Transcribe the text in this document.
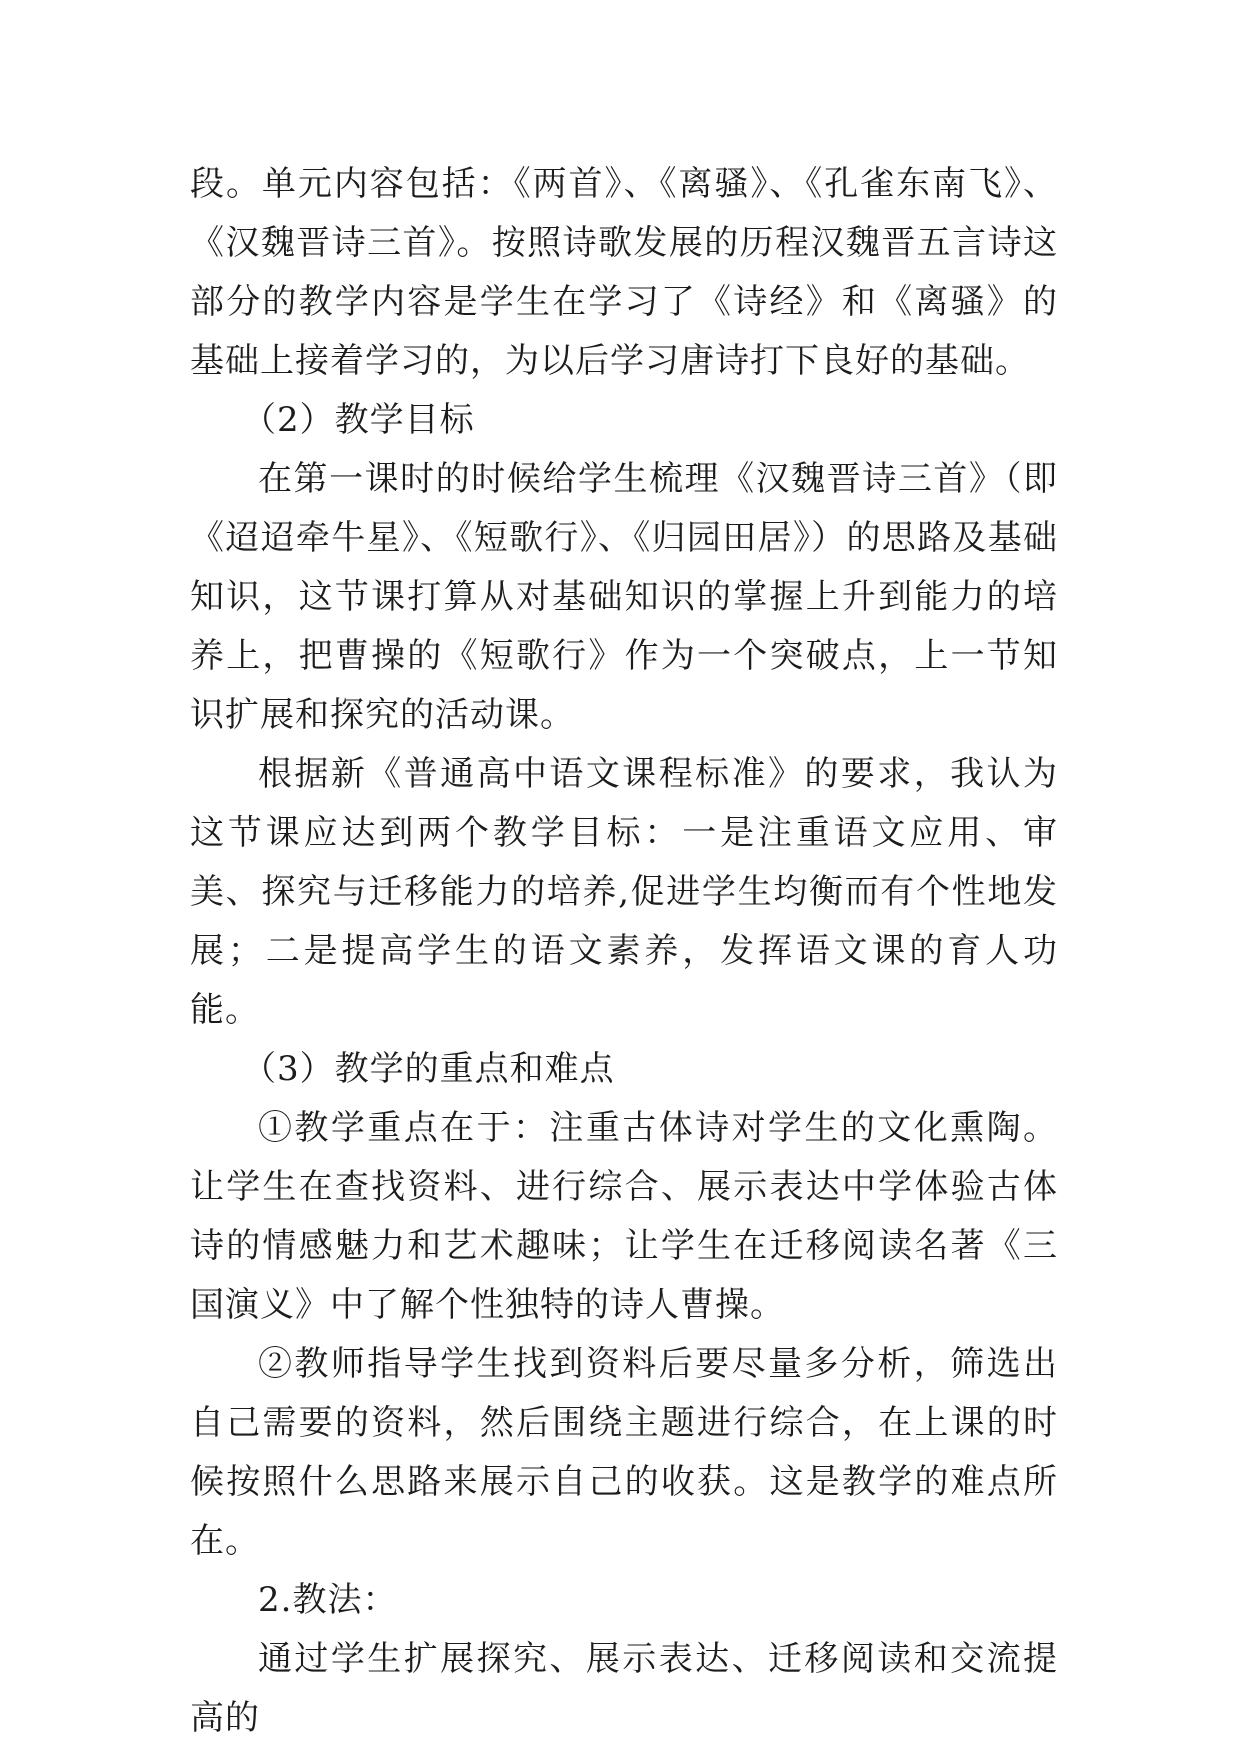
段。单元内容包括：《两首》、《离骚》、《孔雀东南飞》、《汉魏晋诗三首》。按照诗歌发展的历程汉魏晋五言诗这部分的教学内容是学生在学习了《诗经》和《离骚》的基础上接着学习的，为以后学习唐诗打下良好的基础。

（2）教学目标

在第一课时的时候给学生梳理《汉魏晋诗三首》（即《迢迢牵牛星》、《短歌行》、《归园田居》）的思路及基础知识，这节课打算从对基础知识的掌握上升到能力的培养上，把曹操的《短歌行》作为一个突破点，上一节知识扩展和探究的活动课。

根据新《普通高中语文课程标准》的要求，我认为这节课应达到两个教学目标：一是注重语文应用、审美、探究与迁移能力的培养,促进学生均衡而有个性地发展；二是提高学生的语文素养，发挥语文课的育人功能。

（3）教学的重点和难点

①教学重点在于：注重古体诗对学生的文化熏陶。让学生在查找资料、进行综合、展示表达中学体验古体诗的情感魅力和艺术趣味；让学生在迁移阅读名著《三国演义》中了解个性独特的诗人曹操。

②教师指导学生找到资料后要尽量多分析，筛选出自己需要的资料，然后围绕主题进行综合，在上课的时候按照什么思路来展示自己的收获。这是教学的难点所在。

2.教法：

通过学生扩展探究、展示表达、迁移阅读和交流提高的
